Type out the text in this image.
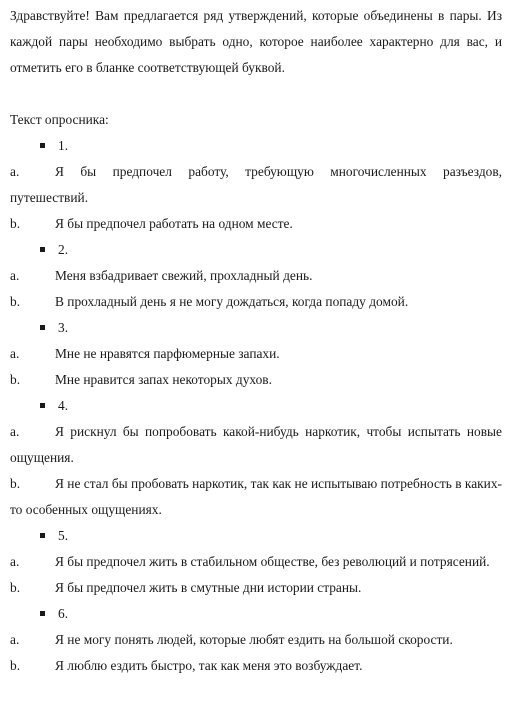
Здравствуйте! Вам предлагается ряд утверждений, которые объединены в пары. Из каждой пары необходимо выбрать одно, которое наиболее характерно для вас, и отметить его в бланке соответствующей буквой.

Текст опросника:

1.
a.	Я бы предпочел работу, требующую многочисленных разъездов, путешествий.
b.	Я бы предпочел работать на одном месте.
2.
a.	Меня взбадривает свежий, прохладный день.
b.	В прохладный день я не могу дождаться, когда попаду домой.
3.
a.	Мне не нравятся парфюмерные запахи.
b.	Мне нравится запах некоторых духов.
4.
a.	Я рискнул бы попробовать какой-нибудь наркотик, чтобы испытать новые ощущения.
b.	Я не стал бы пробовать наркотик, так как не испытываю потребность в каких-то особенных ощущениях.
5.
a.	Я бы предпочел жить в стабильном обществе, без революций и потрясений.
b.	Я бы предпочел жить в смутные дни истории страны.
6.
a.	Я не могу понять людей, которые любят ездить на большой скорости.
b.	Я люблю ездить быстро, так как меня это возбуждает.
